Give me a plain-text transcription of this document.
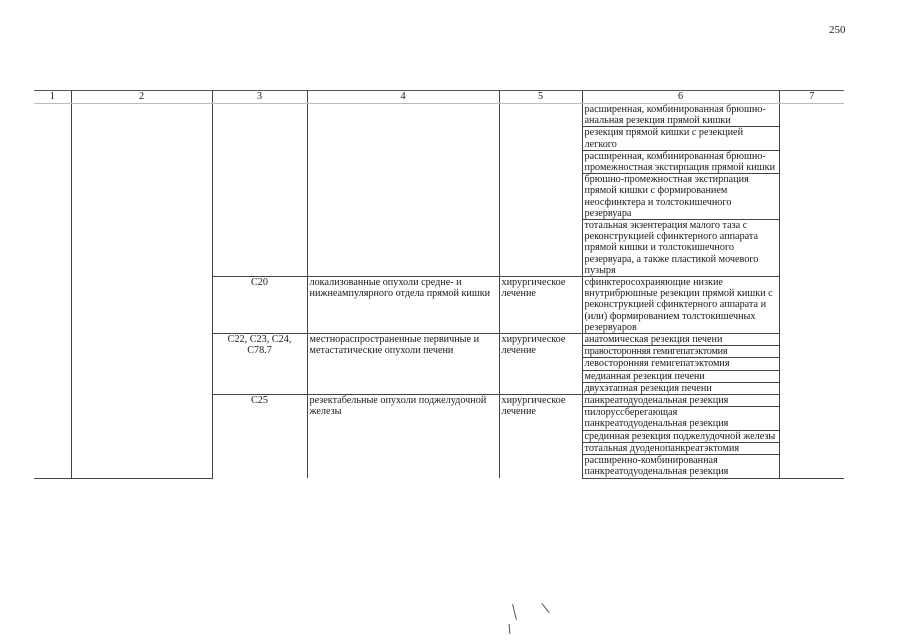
250
1	2	3	4	5	6	7
					расширенная, комбинированная брюшно-анальная резекция прямой кишки	
					резекция прямой кишки с резекцией легкого	
					расширенная, комбинированная брюшно-промежностная экстирпация прямой кишки	
					брюшно-промежностная экстирпация прямой кишки с формированием неосфинктера и толстокишечного резервуара	
					тотальная экзентерация малого таза с реконструкцией сфинктерного аппарата прямой кишки и толстокишечного резервуара, а также пластикой мочевого пузыря	
		C20	локализованные опухоли средне- и нижнеампулярного отдела прямой кишки	хирургическое лечение	сфинктеросохраняющие низкие внутрибрюшные резекции прямой кишки с реконструкцией сфинктерного аппарата и (или) формированием толстокишечных резервуаров	
		C22, C23, C24, C78.7	местнораспространенные первичные и метастатические опухоли печени	хирургическое лечение	анатомическая резекция печени	
					правосторонняя гемигепатэктомия	
					левосторонняя гемигепатэктомия	
					медианная резекция печени	
					двухэтапная резекция печени	
		C25	резектабельные опухоли поджелудочной железы	хирургическое лечение	панкреатодуоденальная резекция	
					пилоруссберегающая панкреатодуоденальная резекция	
					срединная резекция поджелудочной железы	
					тотальная дуоденопанкреатэктомия	
					расширенно-комбинированная панкреатодуоденальная резекция	
